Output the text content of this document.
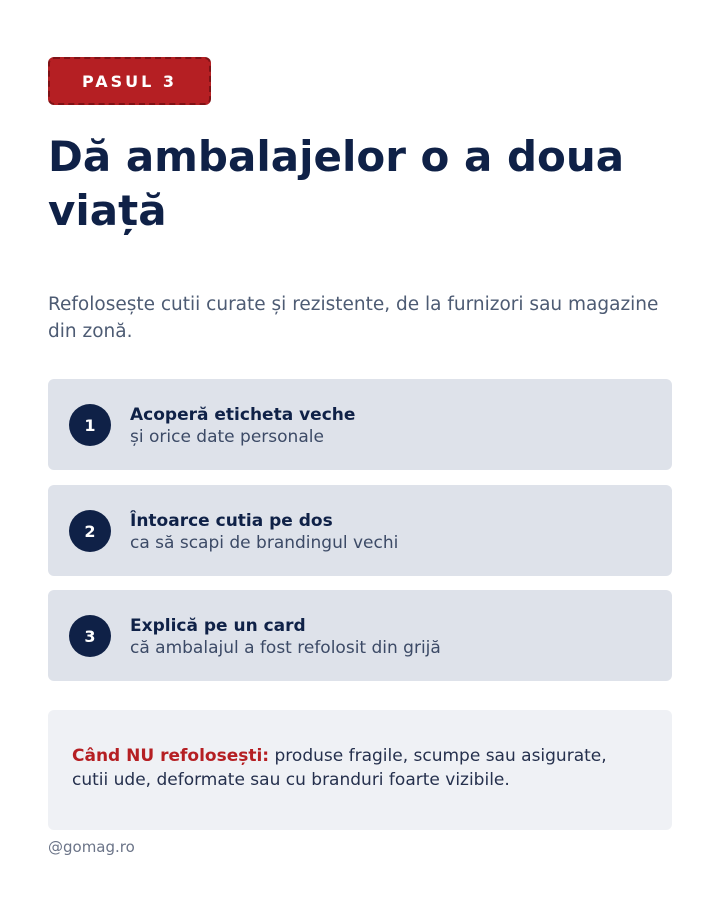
PASUL 3
Dă ambalajelor o a doua viață

Refolosește cutii curate și rezistente, de la furnizori sau magazine din zonă.

1	Acoperă eticheta veche
și orice date personale
2	Întoarce cutia pe dos
ca să scapi de brandingul vechi
3	Explică pe un card
că ambalajul a fost refolosit din grijă
Când NU refolosești: produse fragile, scumpe sau asigurate, cutii ude, deformate sau cu branduri foarte vizibile.
@gomag.ro
